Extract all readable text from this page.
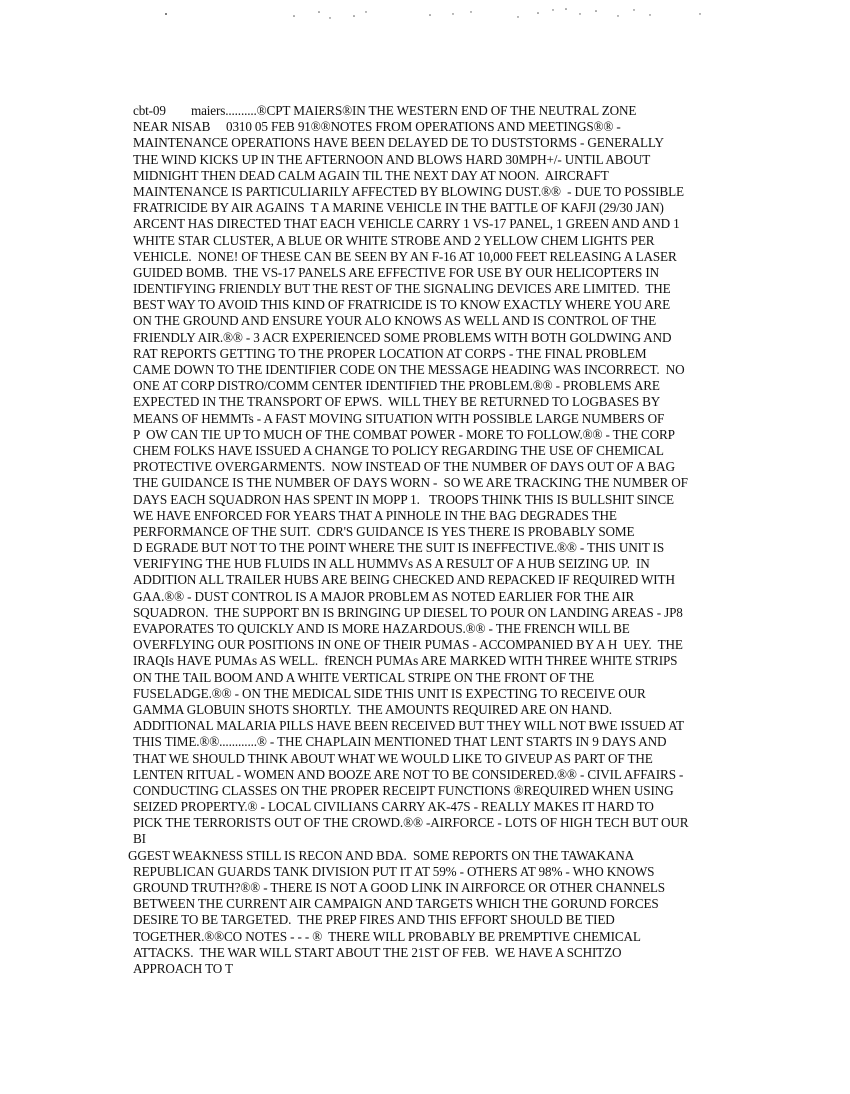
cbt-09        maiers..........®CPT MAIERS®IN THE WESTERN END OF THE NEUTRAL ZONE
NEAR NISAB     0310 05 FEB 91®®NOTES FROM OPERATIONS AND MEETINGS®® -
MAINTENANCE OPERATIONS HAVE BEEN DELAYED DE TO DUSTSTORMS - GENERALLY
THE WIND KICKS UP IN THE AFTERNOON AND BLOWS HARD 30MPH+/- UNTIL ABOUT
MIDNIGHT THEN DEAD CALM AGAIN TIL THE NEXT DAY AT NOON.  AIRCRAFT
MAINTENANCE IS PARTICULIARILY AFFECTED BY BLOWING DUST.®®  - DUE TO POSSIBLE
FRATRICIDE BY AIR AGAINS  T A MARINE VEHICLE IN THE BATTLE OF KAFJI (29/30 JAN)
ARCENT HAS DIRECTED THAT EACH VEHICLE CARRY 1 VS-17 PANEL, 1 GREEN AND AND 1
WHITE STAR CLUSTER, A BLUE OR WHITE STROBE AND 2 YELLOW CHEM LIGHTS PER
VEHICLE.  NONE! OF THESE CAN BE SEEN BY AN F-16 AT 10,000 FEET RELEASING A LASER
GUIDED BOMB.  THE VS-17 PANELS ARE EFFECTIVE FOR USE BY OUR HELICOPTERS IN
IDENTIFYING FRIENDLY BUT THE REST OF THE SIGNALING DEVICES ARE LIMITED.  THE
BEST WAY TO AVOID THIS KIND OF FRATRICIDE IS TO KNOW EXACTLY WHERE YOU ARE
ON THE GROUND AND ENSURE YOUR ALO KNOWS AS WELL AND IS CONTROL OF THE
FRIENDLY AIR.®® - 3 ACR EXPERIENCED SOME PROBLEMS WITH BOTH GOLDWING AND
RAT REPORTS GETTING TO THE PROPER LOCATION AT CORPS - THE FINAL PROBLEM
CAME DOWN TO THE IDENTIFIER CODE ON THE MESSAGE HEADING WAS INCORRECT.  NO
ONE AT CORP DISTRO/COMM CENTER IDENTIFIED THE PROBLEM.®® - PROBLEMS ARE
EXPECTED IN THE TRANSPORT OF EPWS.  WILL THEY BE RETURNED TO LOGBASES BY
MEANS OF HEMMTs - A FAST MOVING SITUATION WITH POSSIBLE LARGE NUMBERS OF
P  OW CAN TIE UP TO MUCH OF THE COMBAT POWER - MORE TO FOLLOW.®® - THE CORP
CHEM FOLKS HAVE ISSUED A CHANGE TO POLICY REGARDING THE USE OF CHEMICAL
PROTECTIVE OVERGARMENTS.  NOW INSTEAD OF THE NUMBER OF DAYS OUT OF A BAG
THE GUIDANCE IS THE NUMBER OF DAYS WORN -  SO WE ARE TRACKING THE NUMBER OF
DAYS EACH SQUADRON HAS SPENT IN MOPP 1.   TROOPS THINK THIS IS BULLSHIT SINCE
WE HAVE ENFORCED FOR YEARS THAT A PINHOLE IN THE BAG DEGRADES THE
PERFORMANCE OF THE SUIT.  CDR'S GUIDANCE IS YES THERE IS PROBABLY SOME
D EGRADE BUT NOT TO THE POINT WHERE THE SUIT IS INEFFECTIVE.®® - THIS UNIT IS
VERIFYING THE HUB FLUIDS IN ALL HUMMVs AS A RESULT OF A HUB SEIZING UP.  IN
ADDITION ALL TRAILER HUBS ARE BEING CHECKED AND REPACKED IF REQUIRED WITH
GAA.®® - DUST CONTROL IS A MAJOR PROBLEM AS NOTED EARLIER FOR THE AIR
SQUADRON.  THE SUPPORT BN IS BRINGING UP DIESEL TO POUR ON LANDING AREAS - JP8
EVAPORATES TO QUICKLY AND IS MORE HAZARDOUS.®® - THE FRENCH WILL BE
OVERFLYING OUR POSITIONS IN ONE OF THEIR PUMAS - ACCOMPANIED BY A H  UEY.  THE
IRAQIs HAVE PUMAs AS WELL.  fRENCH PUMAs ARE MARKED WITH THREE WHITE STRIPS
ON THE TAIL BOOM AND A WHITE VERTICAL STRIPE ON THE FRONT OF THE
FUSELADGE.®® - ON THE MEDICAL SIDE THIS UNIT IS EXPECTING TO RECEIVE OUR
GAMMA GLOBUIN SHOTS SHORTLY.  THE AMOUNTS REQUIRED ARE ON HAND.
ADDITIONAL MALARIA PILLS HAVE BEEN RECEIVED BUT THEY WILL NOT BWE ISSUED AT
THIS TIME.®®............® - THE CHAPLAIN MENTIONED THAT LENT STARTS IN 9 DAYS AND
THAT WE SHOULD THINK ABOUT WHAT WE WOULD LIKE TO GIVEUP AS PART OF THE
LENTEN RITUAL - WOMEN AND BOOZE ARE NOT TO BE CONSIDERED.®® - CIVIL AFFAIRS -
CONDUCTING CLASSES ON THE PROPER RECEIPT FUNCTIONS ®REQUIRED WHEN USING
SEIZED PROPERTY.® - LOCAL CIVILIANS CARRY AK-47S - REALLY MAKES IT HARD TO
PICK THE TERRORISTS OUT OF THE CROWD.®® -AIRFORCE - LOTS OF HIGH TECH BUT OUR
BI
GGEST WEAKNESS STILL IS RECON AND BDA.  SOME REPORTS ON THE TAWAKANA
REPUBLICAN GUARDS TANK DIVISION PUT IT AT 59% - OTHERS AT 98% - WHO KNOWS
GROUND TRUTH?®® - THERE IS NOT A GOOD LINK IN AIRFORCE OR OTHER CHANNELS
BETWEEN THE CURRENT AIR CAMPAIGN AND TARGETS WHICH THE GORUND FORCES
DESIRE TO BE TARGETED.  THE PREP FIRES AND THIS EFFORT SHOULD BE TIED
TOGETHER.®®CO NOTES - - - ®  THERE WILL PROBABLY BE PREMPTIVE CHEMICAL
ATTACKS.  THE WAR WILL START ABOUT THE 21ST OF FEB.  WE HAVE A SCHITZO
APPROACH TO T
